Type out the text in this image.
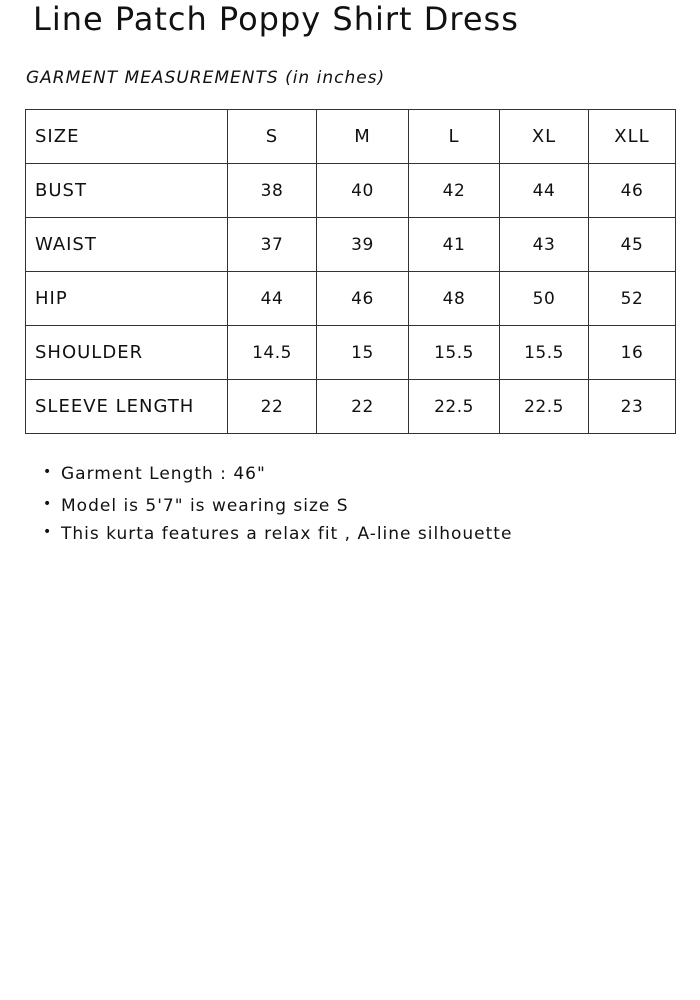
Line Patch Poppy Shirt Dress
GARMENT MEASUREMENTS (in inches)
SIZE	S	M	L	XL	XLL
BUST	38	40	42	44	46
WAIST	37	39	41	43	45
HIP	44	46	48	50	52
SHOULDER	14.5	15	15.5	15.5	16
SLEEVE LENGTH	22	22	22.5	22.5	23
• Garment Length : 46"
• Model is 5'7" is wearing size S
• This kurta features a relax fit , A-line silhouette
